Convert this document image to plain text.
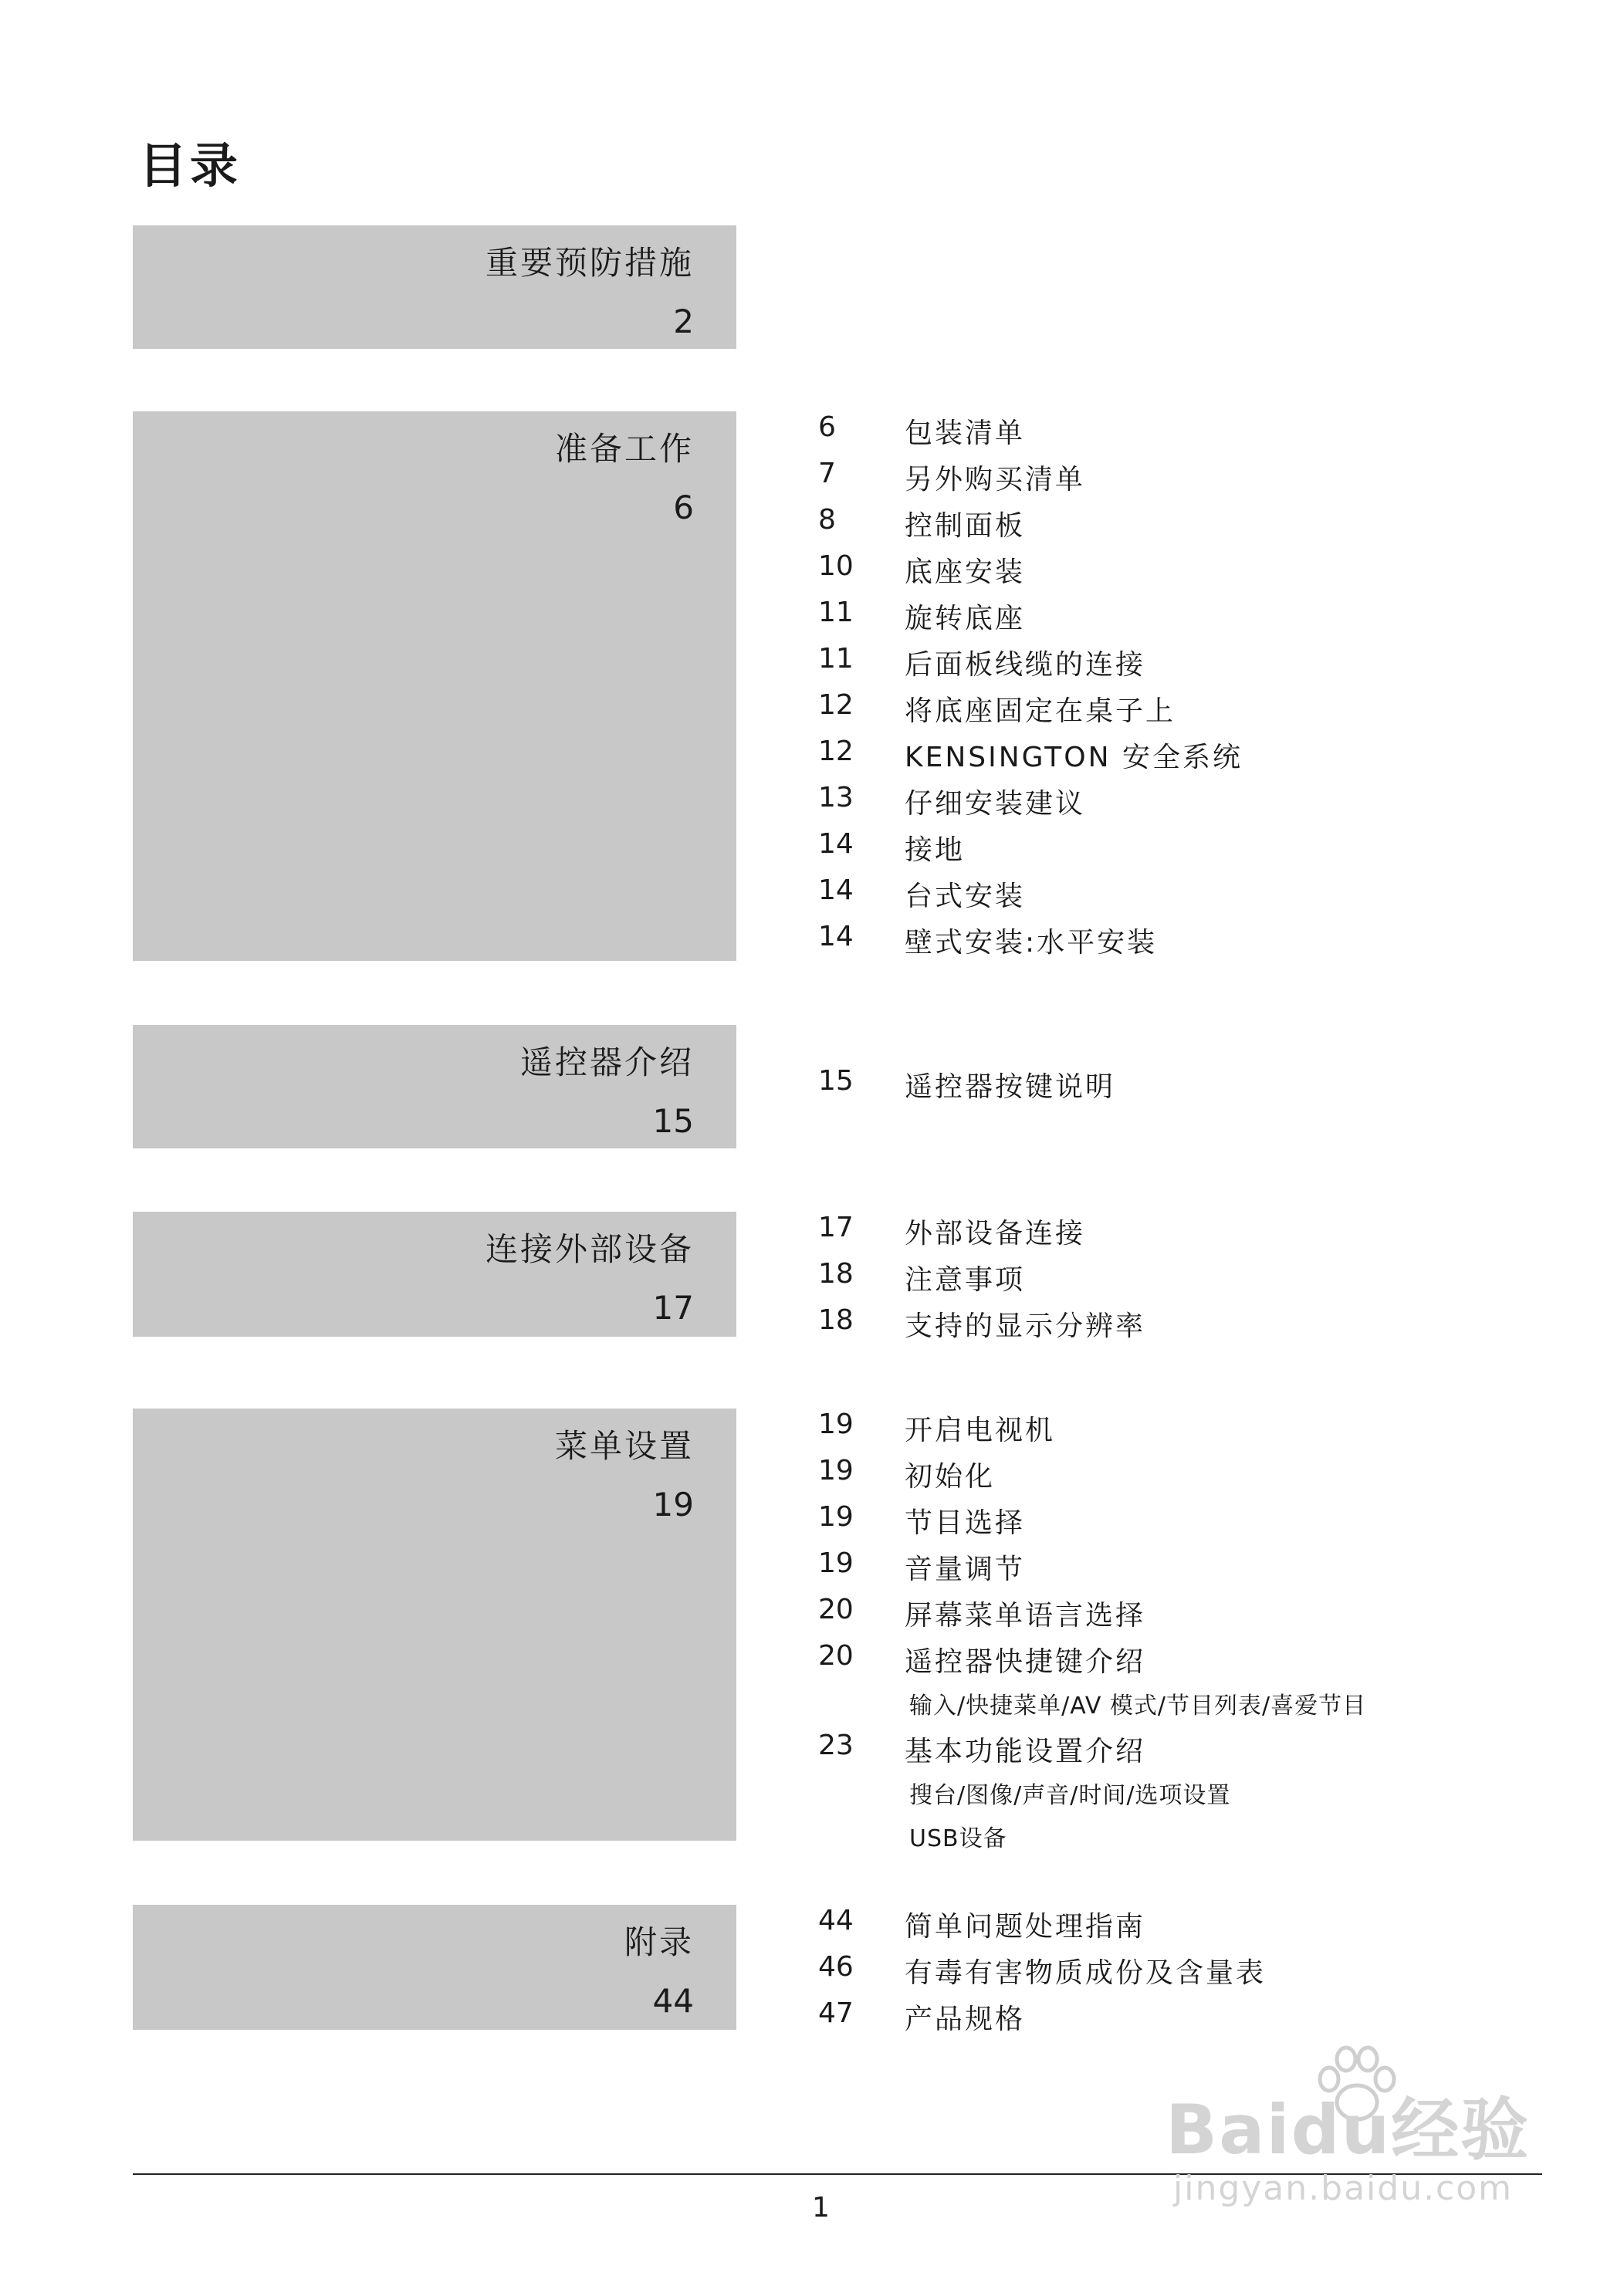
目录
重要预防措施
2
准备工作
6
6 包装清单
7 另外购买清单
8 控制面板
10 底座安装
11 旋转底座
11 后面板线缆的连接
12 将底座固定在桌子上
12 KENSINGTON 安全系统
13 仔细安装建议
14 接地
14 台式安装
14 壁式安装:水平安装
遥控器介绍
15
15 遥控器按键说明
连接外部设备
17
17 外部设备连接
18 注意事项
18 支持的显示分辨率
菜单设置
19
19 开启电视机
19 初始化
19 节目选择
19 音量调节
20 屏幕菜单语言选择
20 遥控器快捷键介绍
输入/快捷菜单/AV 模式/节目列表/喜爱节目
23 基本功能设置介绍
搜台/图像/声音/时间/选项设置
USB设备
附录
44
44 简单问题处理指南
46 有毒有害物质成份及含量表
47 产品规格
1
Baidu经验
jingyan.baidu.com
